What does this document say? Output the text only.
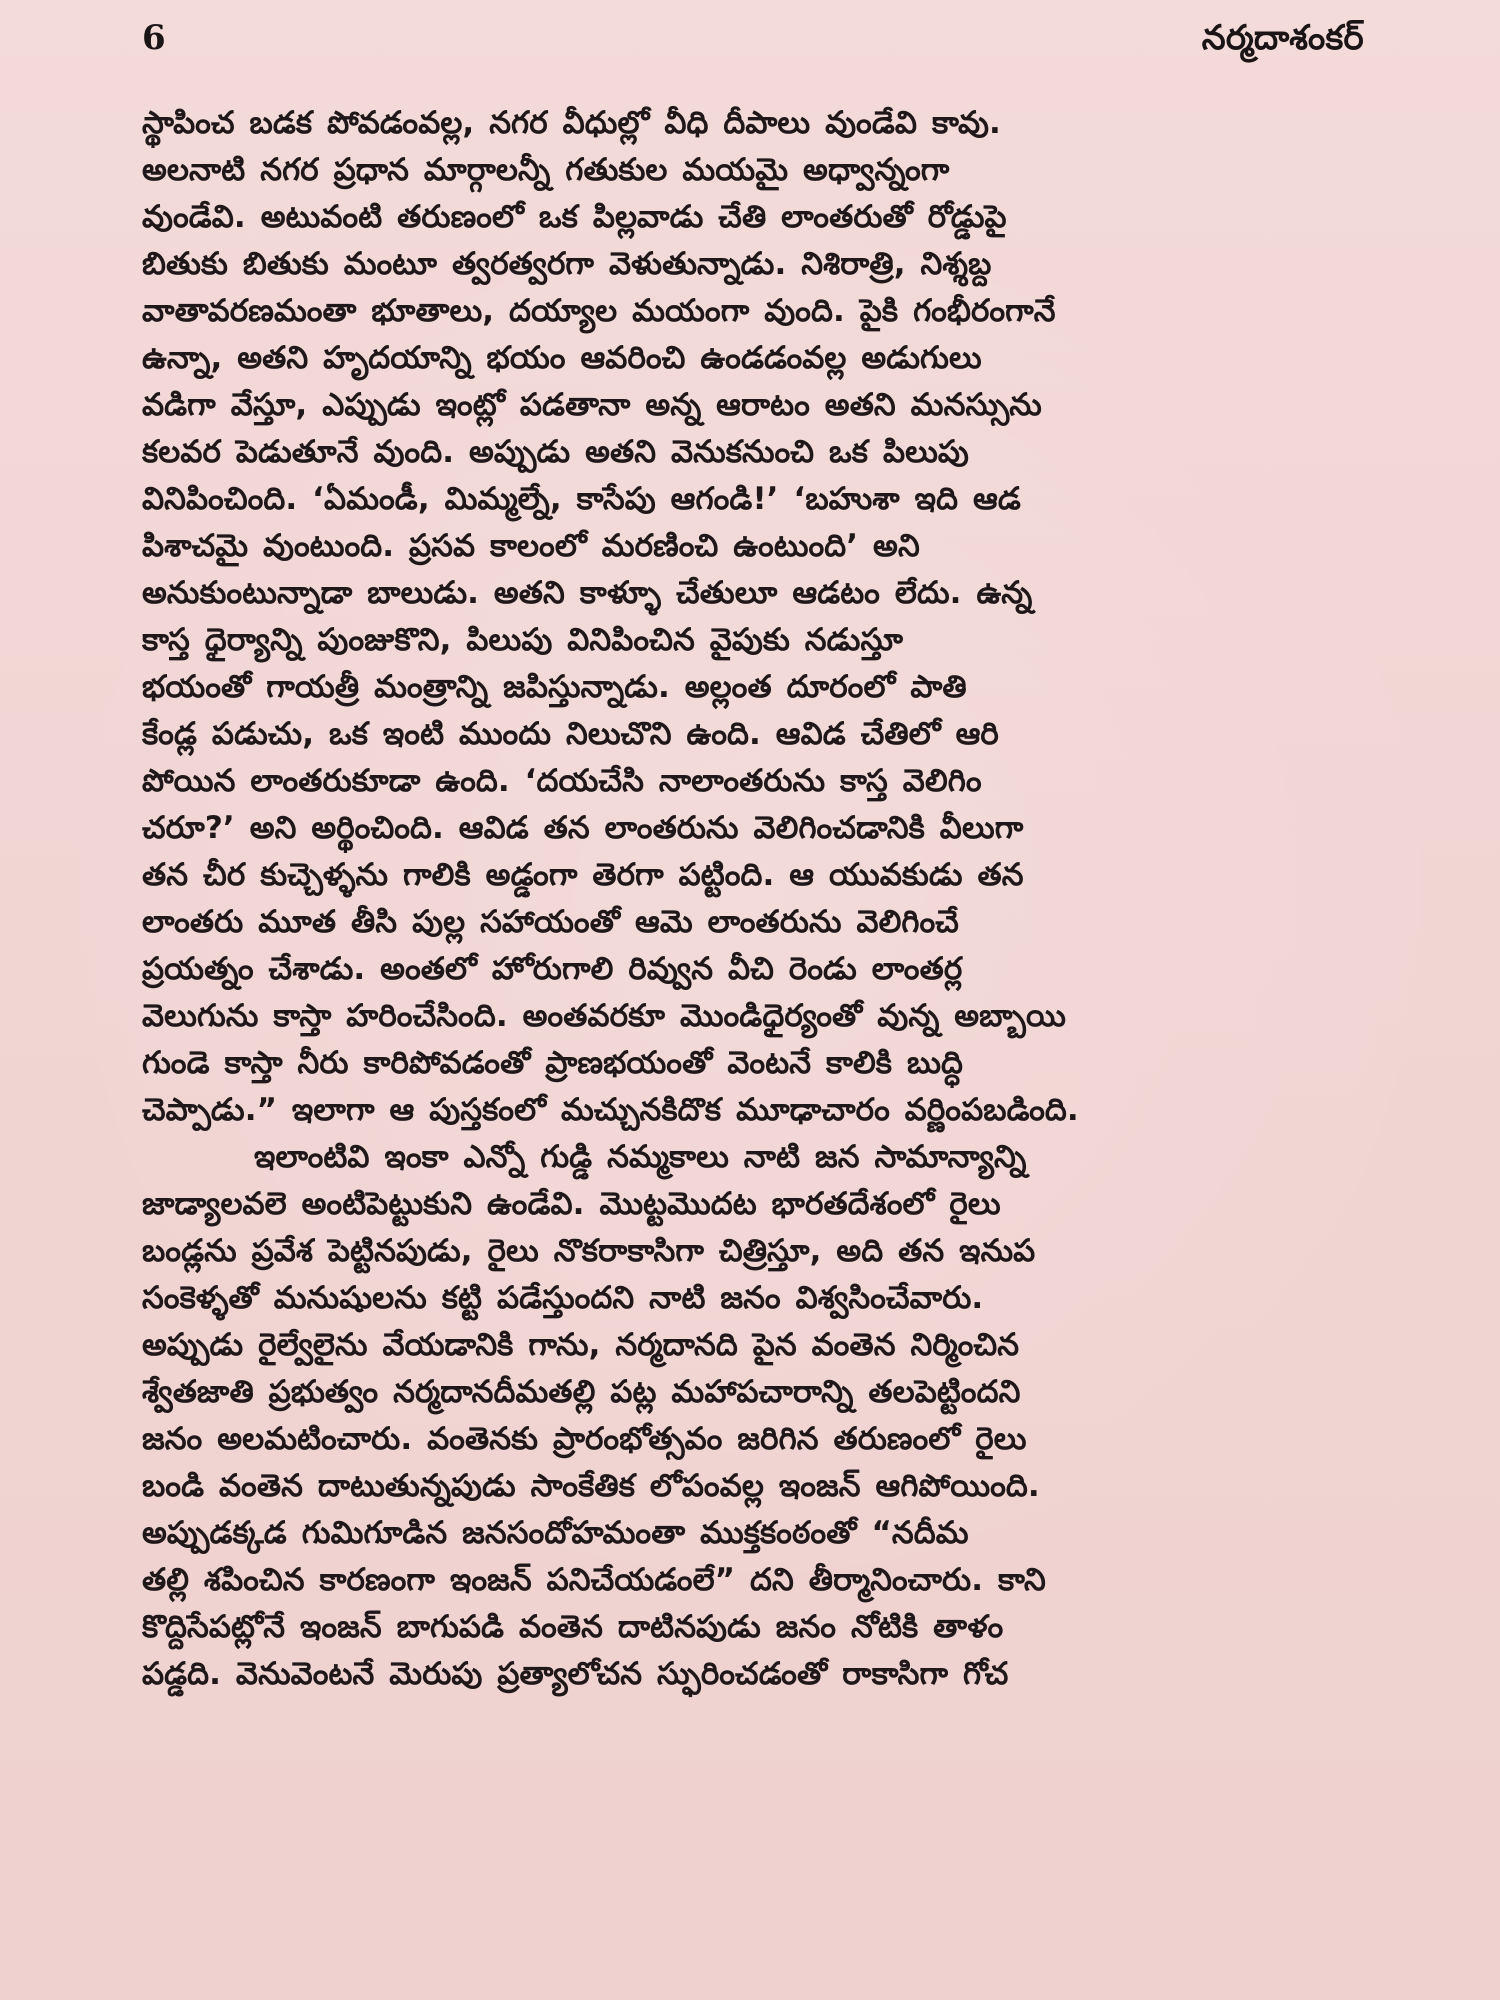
6	నర్మదాశంకర్
స్థాపించ బడక పోవడంవల్ల, నగర వీధుల్లో వీధి దీపాలు వుండేవి కావు.
అలనాటి నగర ప్రధాన మార్గాలన్నీ గతుకుల మయమై అధ్వాన్నంగా
వుండేవి. అటువంటి తరుణంలో ఒక పిల్లవాడు చేతి లాంతరుతో రోడ్డుపై
బితుకు బితుకు మంటూ త్వరత్వరగా వెళుతున్నాడు. నిశిరాత్రి, నిశ్శబ్ద
వాతావరణమంతా భూతాలు, దయ్యాల మయంగా వుంది. పైకి గంభీరంగానే
ఉన్నా, అతని హృదయాన్ని భయం ఆవరించి ఉండడంవల్ల అడుగులు
వడిగా వేస్తూ, ఎప్పుడు ఇంట్లో పడతానా అన్న ఆరాటం అతని మనస్సును
కలవర పెడుతూనే వుంది. అప్పుడు అతని వెనుకనుంచి ఒక పిలుపు
వినిపించింది. ‘ఏమండీ, మిమ్మల్నే, కాసేపు ఆగండి!’ ‘బహుశా ఇది ఆడ
పిశాచమై వుంటుంది. ప్రసవ కాలంలో మరణించి ఉంటుంది’ అని
అనుకుంటున్నాడా బాలుడు. అతని కాళ్ళూ చేతులూ ఆడటం లేదు. ఉన్న
కాస్త ధైర్యాన్ని పుంజుకొని, పిలుపు వినిపించిన వైపుకు నడుస్తూ
భయంతో గాయత్రీ మంత్రాన్ని జపిస్తున్నాడు. అల్లంత దూరంలో పాతి
కేండ్ల పడుచు, ఒక ఇంటి ముందు నిలుచొని ఉంది. ఆవిడ చేతిలో ఆరి
పోయిన లాంతరుకూడా ఉంది. ‘దయచేసి నాలాంతరును కాస్త వెలిగిం
చరూ?’ అని అర్థించింది. ఆవిడ తన లాంతరును వెలిగించడానికి వీలుగా
తన చీర కుచ్చెళ్ళను గాలికి అడ్డంగా తెరగా పట్టింది. ఆ యువకుడు తన
లాంతరు మూత తీసి పుల్ల సహాయంతో ఆమె లాంతరును వెలిగించే
ప్రయత్నం చేశాడు. అంతలో హోరుగాలి రివ్వున వీచి రెండు లాంతర్ల
వెలుగును కాస్తా హరించేసింది. అంతవరకూ మొండిధైర్యంతో వున్న అబ్బాయి
గుండె కాస్తా నీరు కారిపోవడంతో ప్రాణభయంతో వెంటనే కాలికి బుద్ధి
చెప్పాడు.” ఇలాగా ఆ పుస్తకంలో మచ్చునకిదొక మూఢాచారం వర్ణింపబడింది.
ఇలాంటివి ఇంకా ఎన్నో గుడ్డి నమ్మకాలు నాటి జన సామాన్యాన్ని
జాడ్యాలవలె అంటిపెట్టుకుని ఉండేవి. మొట్టమొదట భారతదేశంలో రైలు
బండ్లను ప్రవేశ పెట్టినపుడు, రైలు నొకరాకాసిగా చిత్రిస్తూ, అది తన ఇనుప
సంకెళ్ళతో మనుషులను కట్టి పడేస్తుందని నాటి జనం విశ్వసించేవారు.
అప్పుడు రైల్వేలైను వేయడానికి గాను, నర్మదానది పైన వంతెన నిర్మించిన
శ్వేతజాతి ప్రభుత్వం నర్మదానదీమతల్లి పట్ల మహాపచారాన్ని తలపెట్టిందని
జనం అలమటించారు. వంతెనకు ప్రారంభోత్సవం జరిగిన తరుణంలో రైలు
బండి వంతెన దాటుతున్నపుడు సాంకేతిక లోపంవల్ల ఇంజన్ ఆగిపోయింది.
అప్పుడక్కడ గుమిగూడిన జనసందోహమంతా ముక్తకంఠంతో “నదీమ
తల్లి శపించిన కారణంగా ఇంజన్ పనిచేయడంలే” దని తీర్మానించారు. కాని
కొద్దిసేపట్లోనే ఇంజన్ బాగుపడి వంతెన దాటినపుడు జనం నోటికి తాళం
పడ్డది. వెనువెంటనే మెరుపు ప్రత్యాలోచన స్ఫురించడంతో రాకాసిగా గోచ
